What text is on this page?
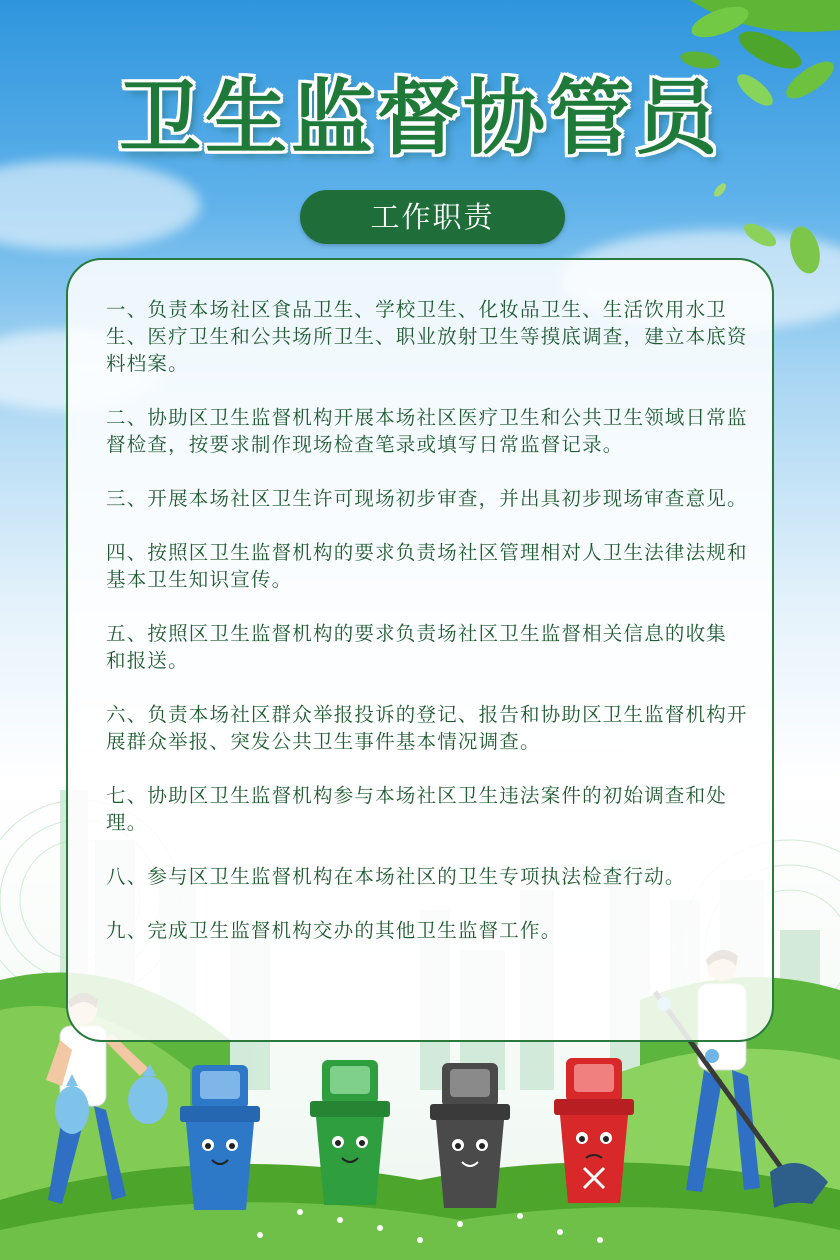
卫生监督协管员
工作职责

一、负责本场社区食品卫生、学校卫生、化妆品卫生、生活饮用水卫生、医疗卫生和公共场所卫生、职业放射卫生等摸底调查，建立本底资料档案。

二、协助区卫生监督机构开展本场社区医疗卫生和公共卫生领域日常监督检查，按要求制作现场检查笔录或填写日常监督记录。

三、开展本场社区卫生许可现场初步审查，并出具初步现场审查意见。

四、按照区卫生监督机构的要求负责场社区管理相对人卫生法律法规和基本卫生知识宣传。

五、按照区卫生监督机构的要求负责场社区卫生监督相关信息的收集
和报送。

六、负责本场社区群众举报投诉的登记、报告和协助区卫生监督机构开展群众举报、突发公共卫生事件基本情况调查。

七、协助区卫生监督机构参与本场社区卫生违法案件的初始调查和处理。

八、参与区卫生监督机构在本场社区的卫生专项执法检查行动。

九、完成卫生监督机构交办的其他卫生监督工作。
